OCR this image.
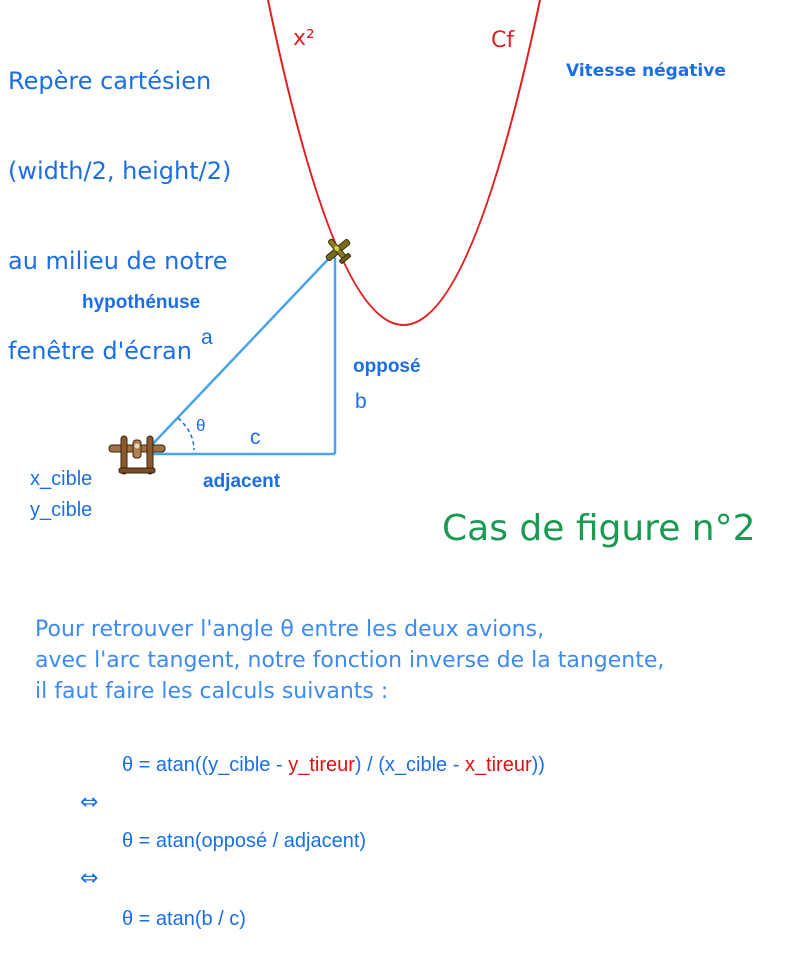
Repère cartésien

(width/2, height/2)

au milieu de notre

fenêtre d'écran

x²	Cf
Vitesse négative
hypothénuse
a
opposé
b
θ
c
adjacent
x_cible
y_cible	Cas de figure n°2
Pour retrouver l'angle θ entre les deux avions,
avec l'arc tangent, notre fonction inverse de la tangente,
il faut faire les calculs suivants :
θ = atan((y_cible - y_tireur) / (x_cible - x_tireur))
⇔
θ = atan(opposé / adjacent)
⇔
θ = atan(b / c)
